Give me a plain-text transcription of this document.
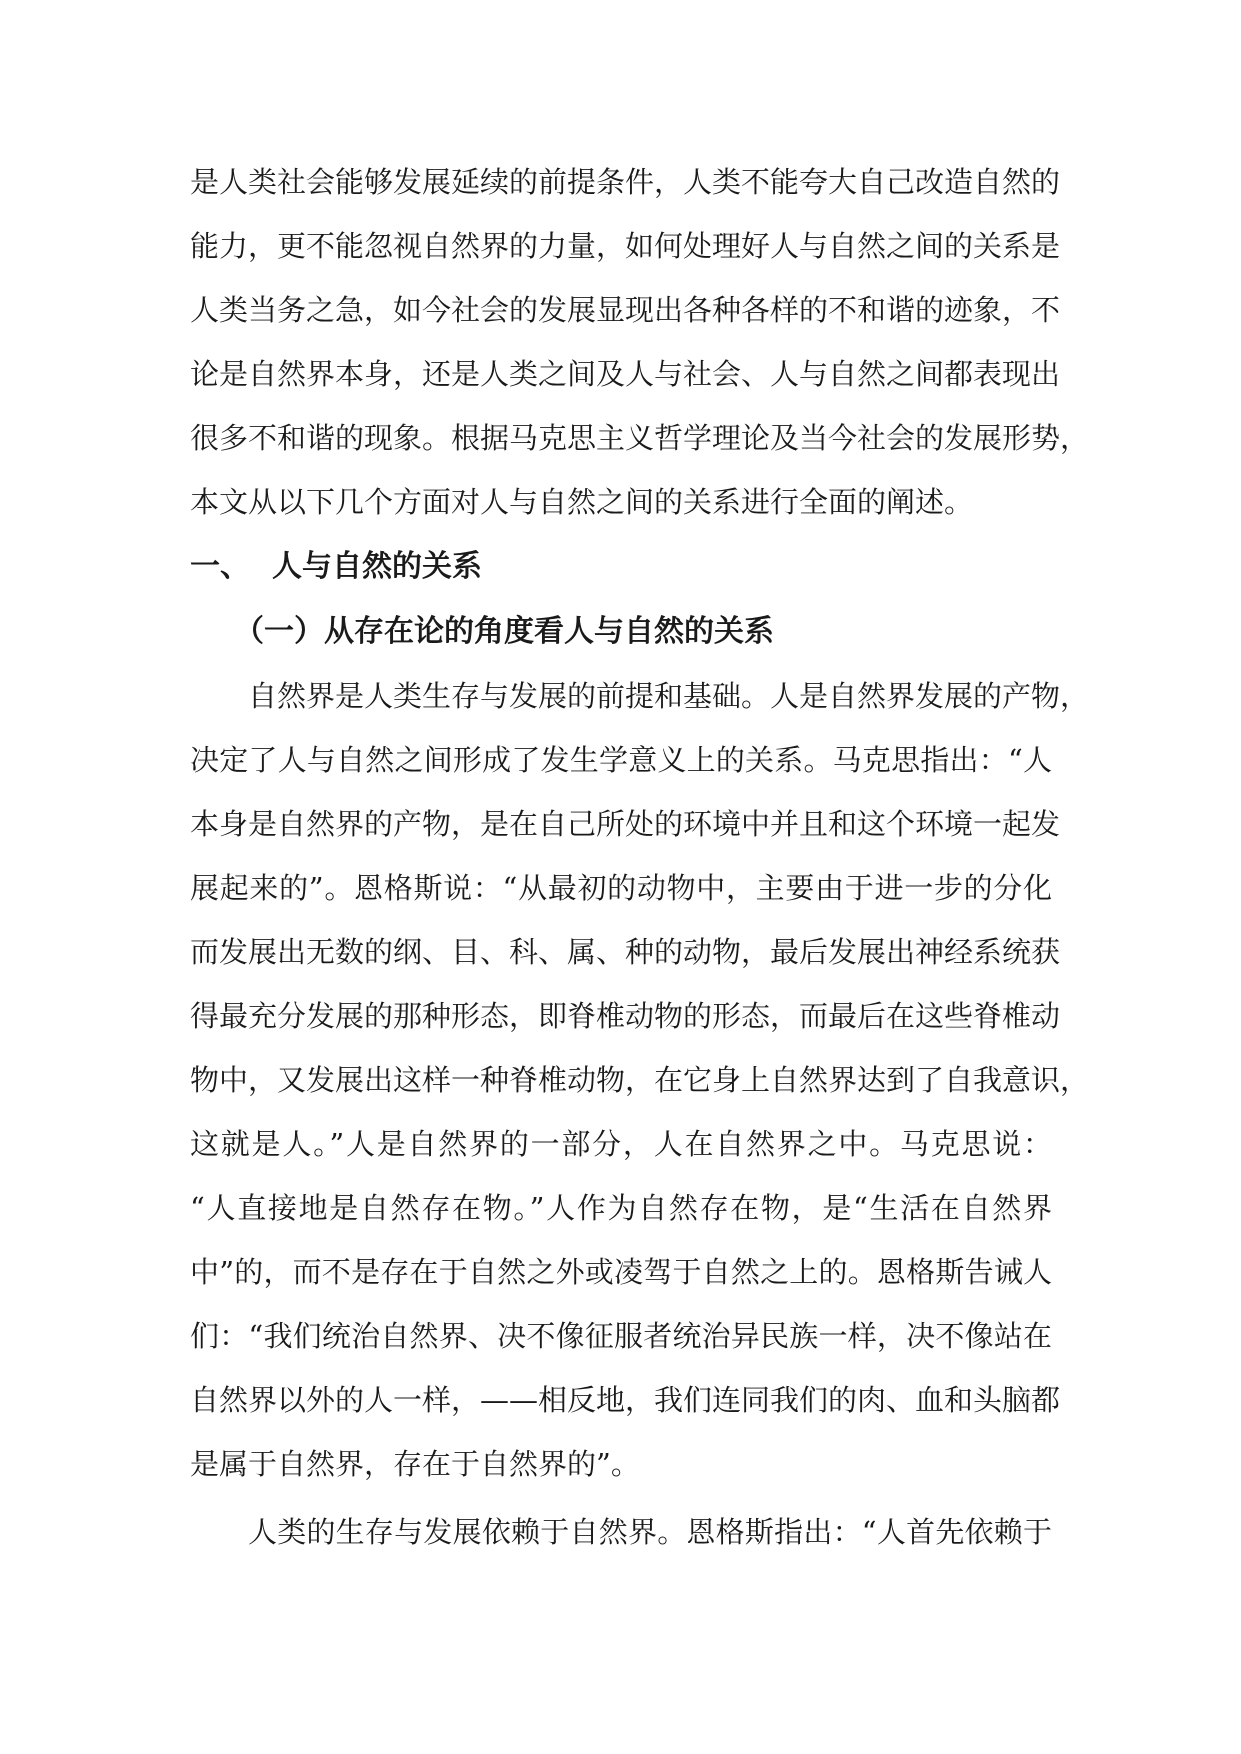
是人类社会能够发展延续的前提条件，人类不能夸大自己改造自然的
能力，更不能忽视自然界的力量，如何处理好人与自然之间的关系是
人类当务之急，如今社会的发展显现出各种各样的不和谐的迹象，不
论是自然界本身，还是人类之间及人与社会、人与自然之间都表现出
很多不和谐的现象。根据马克思主义哲学理论及当今社会的发展形势，
本文从以下几个方面对人与自然之间的关系进行全面的阐述。
一、 人与自然的关系
（一）从存在论的角度看人与自然的关系
自然界是人类生存与发展的前提和基础。人是自然界发展的产物，
决定了人与自然之间形成了发生学意义上的关系。马克思指出：“人
本身是自然界的产物，是在自己所处的环境中并且和这个环境一起发
展起来的”。恩格斯说：“从最初的动物中，主要由于进一步的分化
而发展出无数的纲、目、科、属、种的动物，最后发展出神经系统获
得最充分发展的那种形态，即脊椎动物的形态，而最后在这些脊椎动
物中，又发展出这样一种脊椎动物，在它身上自然界达到了自我意识，
这就是人。”人是自然界的一部分，人在自然界之中。马克思说：
“人直接地是自然存在物。”人作为自然存在物，是“生活在自然界
中”的，而不是存在于自然之外或凌驾于自然之上的。恩格斯告诫人
们：“我们统治自然界、决不像征服者统治异民族一样，决不像站在
自然界以外的人一样，——相反地，我们连同我们的肉、血和头脑都
是属于自然界，存在于自然界的”。
人类的生存与发展依赖于自然界。恩格斯指出：“人首先依赖于
